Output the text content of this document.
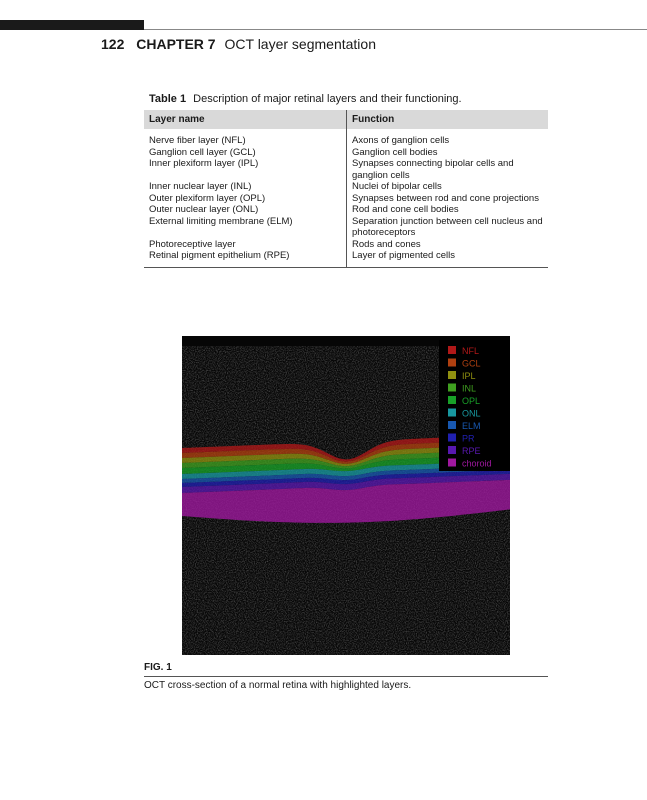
122 CHAPTER 7 OCT layer segmentation
Table 1 Description of major retinal layers and their functioning.
Layer name	Function
Nerve fiber layer (NFL)	Axons of ganglion cells
Ganglion cell layer (GCL)	Ganglion cell bodies
Inner plexiform layer (IPL)	Synapses connecting bipolar cells and ganglion cells
Inner nuclear layer (INL)	Nuclei of bipolar cells
Outer plexiform layer (OPL)	Synapses between rod and cone projections
Outer nuclear layer (ONL)	Rod and cone cell bodies
External limiting membrane (ELM)	Separation junction between cell nucleus and photoreceptors
Photoreceptive layer	Rods and cones
Retinal pigment epithelium (RPE)	Layer of pigmented cells
NFL
GCL
IPL
INL
OPL
ONL
ELM
PR
RPE
choroid
FIG. 1
OCT cross-section of a normal retina with highlighted layers.
